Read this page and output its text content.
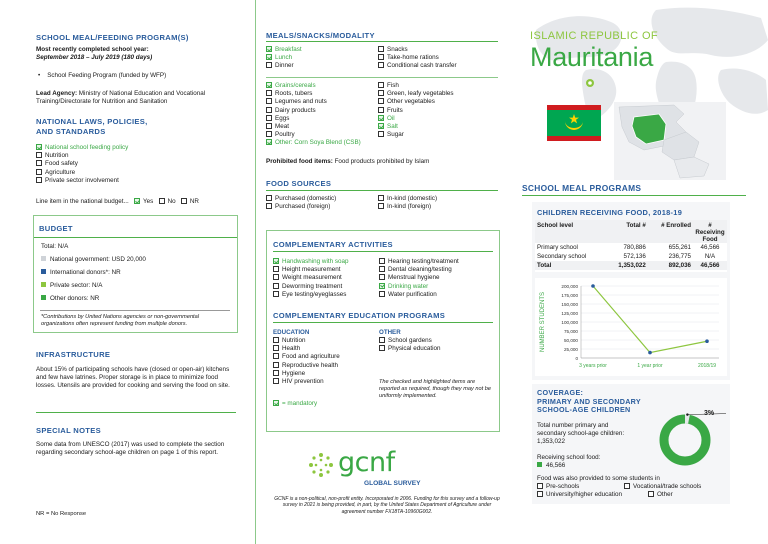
SCHOOL MEAL/FEEDING PROGRAM(S)
Most recently completed school year:
September 2018 – July 2019 (180 days)
•    School Feeding Program (funded by WFP)
Lead Agency: Ministry of National Education and Vocational Training/Directorate for Nutrition and Sanitation
NATIONAL LAWS, POLICIES,
AND STANDARDS
National school feeding policy
Nutrition
Food safety
Agriculture
Private sector involvement
Line item in the national budget... Yes No NR
BUDGET
Total: N/A
National government: USD 20,000
International donors*: NR
Private sector: N/A
Other donors: NR
*Contributions by United Nations agencies or non-governmental organizations often represent funding from multiple donors.
INFRASTRUCTURE
About 15% of participating schools have (closed or open-air) kitchens and few have latrines. Proper storage is in place to minimize food losses. Utensils are provided for cooking and serving the food on site.
SPECIAL NOTES
Some data from UNESCO (2017) was used to complete the section regarding secondary school-age children on page 1 of this report.
NR = No Response
MEALS/SNACKS/MODALITY
Breakfast
Lunch
Dinner
Snacks
Take-home rations
Conditional cash transfer
Grains/cereals
Roots, tubers
Legumes and nuts
Dairy products
Eggs
Meat
Poultry
Other: Corn Soya Blend (CSB)
Fish
Green, leafy vegetables
Other vegetables
Fruits
Oil
Salt
Sugar
Prohibited food items: Food products prohibited by Islam
FOOD SOURCES
Purchased (domestic)
Purchased (foreign)
In-kind (domestic)
In-kind (foreign)
COMPLEMENTARY ACTIVITIES
Handwashing with soap
Height measurement
Weight measurement
Deworming treatment
Eye testing/eyeglasses
Hearing testing/treatment
Dental cleaning/testing
Menstrual hygiene
Drinking water
Water purification
COMPLEMENTARY EDUCATION PROGRAMS
EDUCATION
Nutrition
Health
Food and agriculture
Reproductive health
Hygiene
HIV prevention
OTHER
School gardens
Physical education
= mandatory
The checked and highlighted items are reported as required, though they may not be uniformly implemented.
gcnf
GLOBAL SURVEY
GCNF is a non-political, non-profit entity. Incorporated in 2006. Funding for this survey and a follow-up survey in 2021 is being provided, in part, by the United States Department of Agriculture under agreement number FX18TA-10960G002.
ISLAMIC REPUBLIC OF
Mauritania
SCHOOL MEAL PROGRAMS
CHILDREN RECEIVING FOOD, 2018-19
School level	Total #	# Enrolled	# Receiving Food
Primary school	780,886	655,261	46,566
Secondary school	572,136	236,775	N/A
Total	1,353,022	892,036	46,566
NUMBER STUDENTS
200,000
175,000
150,000
125,000
100,000
75,000
50,000
25,000
0
3 years prior	1 year prior	2018/19
COVERAGE:
PRIMARY AND SECONDARY
SCHOOL-AGE CHILDREN
Total number primary and secondary school-age children: 1,353,022
Receiving school food:
46,566
3%
Food was also provided to some students in
Pre-schools	Vocational/trade schools
University/higher education	Other
